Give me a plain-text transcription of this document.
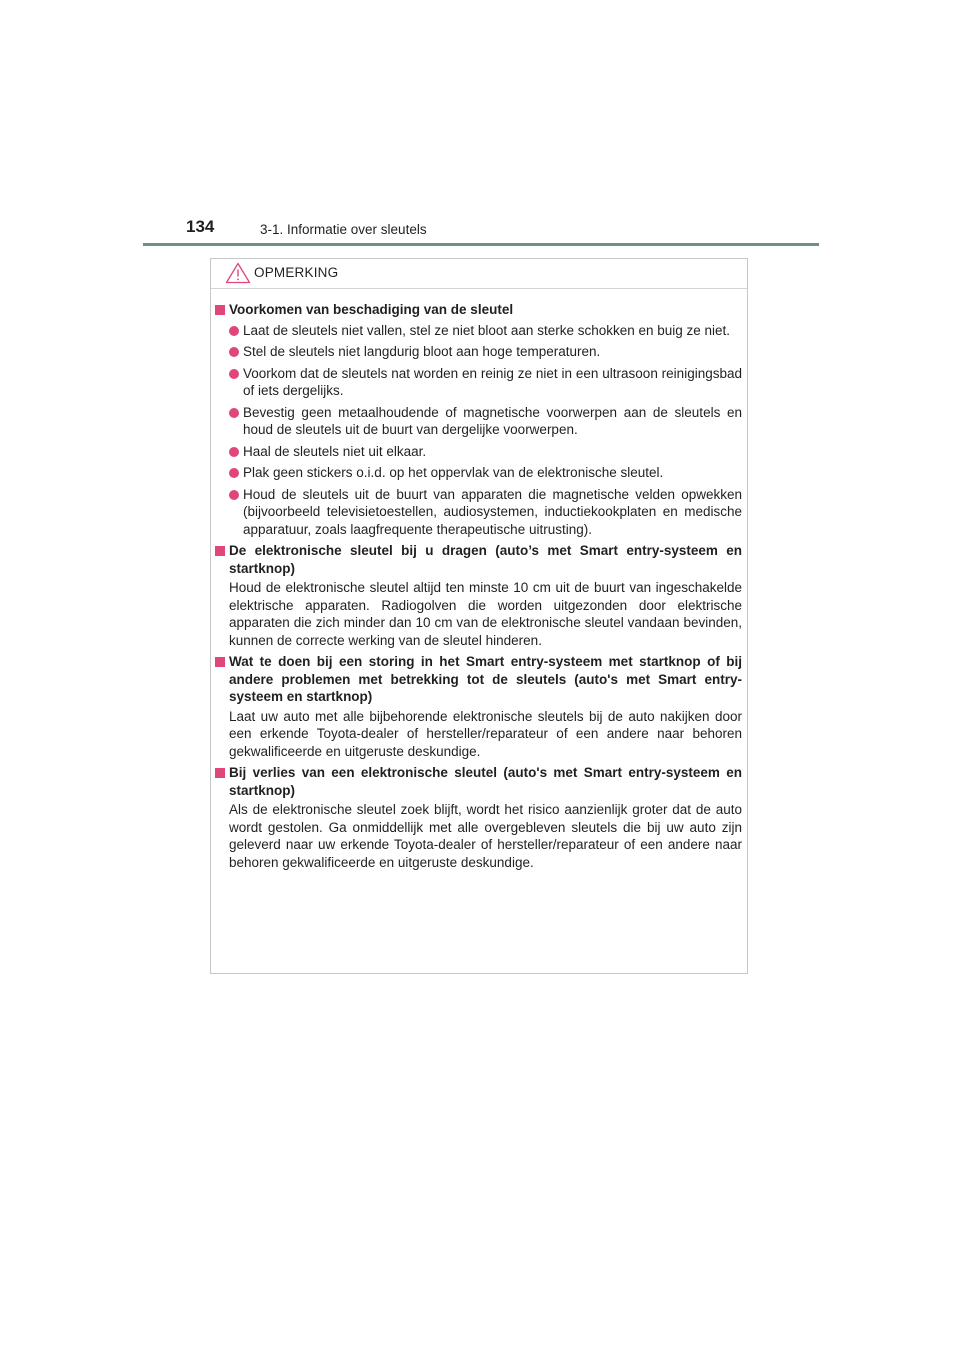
134	3-1. Informatie over sleutels
OPMERKING
Voorkomen van beschadiging van de sleutel
Laat de sleutels niet vallen, stel ze niet bloot aan sterke schokken en buig ze niet.
Stel de sleutels niet langdurig bloot aan hoge temperaturen.
Voorkom dat de sleutels nat worden en reinig ze niet in een ultrasoon reinigingsbad of iets dergelijks.
Bevestig geen metaalhoudende of magnetische voorwerpen aan de sleutels en houd de sleutels uit de buurt van dergelijke voorwerpen.
Haal de sleutels niet uit elkaar.
Plak geen stickers o.i.d. op het oppervlak van de elektronische sleutel.
Houd de sleutels uit de buurt van apparaten die magnetische velden opwekken (bijvoorbeeld televisietoestellen, audiosystemen, inductiekookplaten en medische apparatuur, zoals laagfrequente therapeutische uitrusting).
De elektronische sleutel bij u dragen (auto’s met Smart entry-systeem en startknop)

Houd de elektronische sleutel altijd ten minste 10 cm uit de buurt van ingeschakelde elektrische apparaten. Radiogolven die worden uitgezonden door elektrische apparaten die zich minder dan 10 cm van de elektronische sleutel vandaan bevinden, kunnen de correcte werking van de sleutel hinderen.

Wat te doen bij een storing in het Smart entry-systeem met startknop of bij andere problemen met betrekking tot de sleutels (auto's met Smart entry-systeem en startknop)

Laat uw auto met alle bijbehorende elektronische sleutels bij de auto nakijken door een erkende Toyota-dealer of hersteller/reparateur of een andere naar behoren gekwalificeerde en uitgeruste deskundige.

Bij verlies van een elektronische sleutel (auto's met Smart entry-systeem en startknop)

Als de elektronische sleutel zoek blijft, wordt het risico aanzienlijk groter dat de auto wordt gestolen. Ga onmiddellijk met alle overgebleven sleutels die bij uw auto zijn geleverd naar uw erkende Toyota-dealer of hersteller/reparateur of een andere naar behoren gekwalificeerde en uitgeruste deskundige.
